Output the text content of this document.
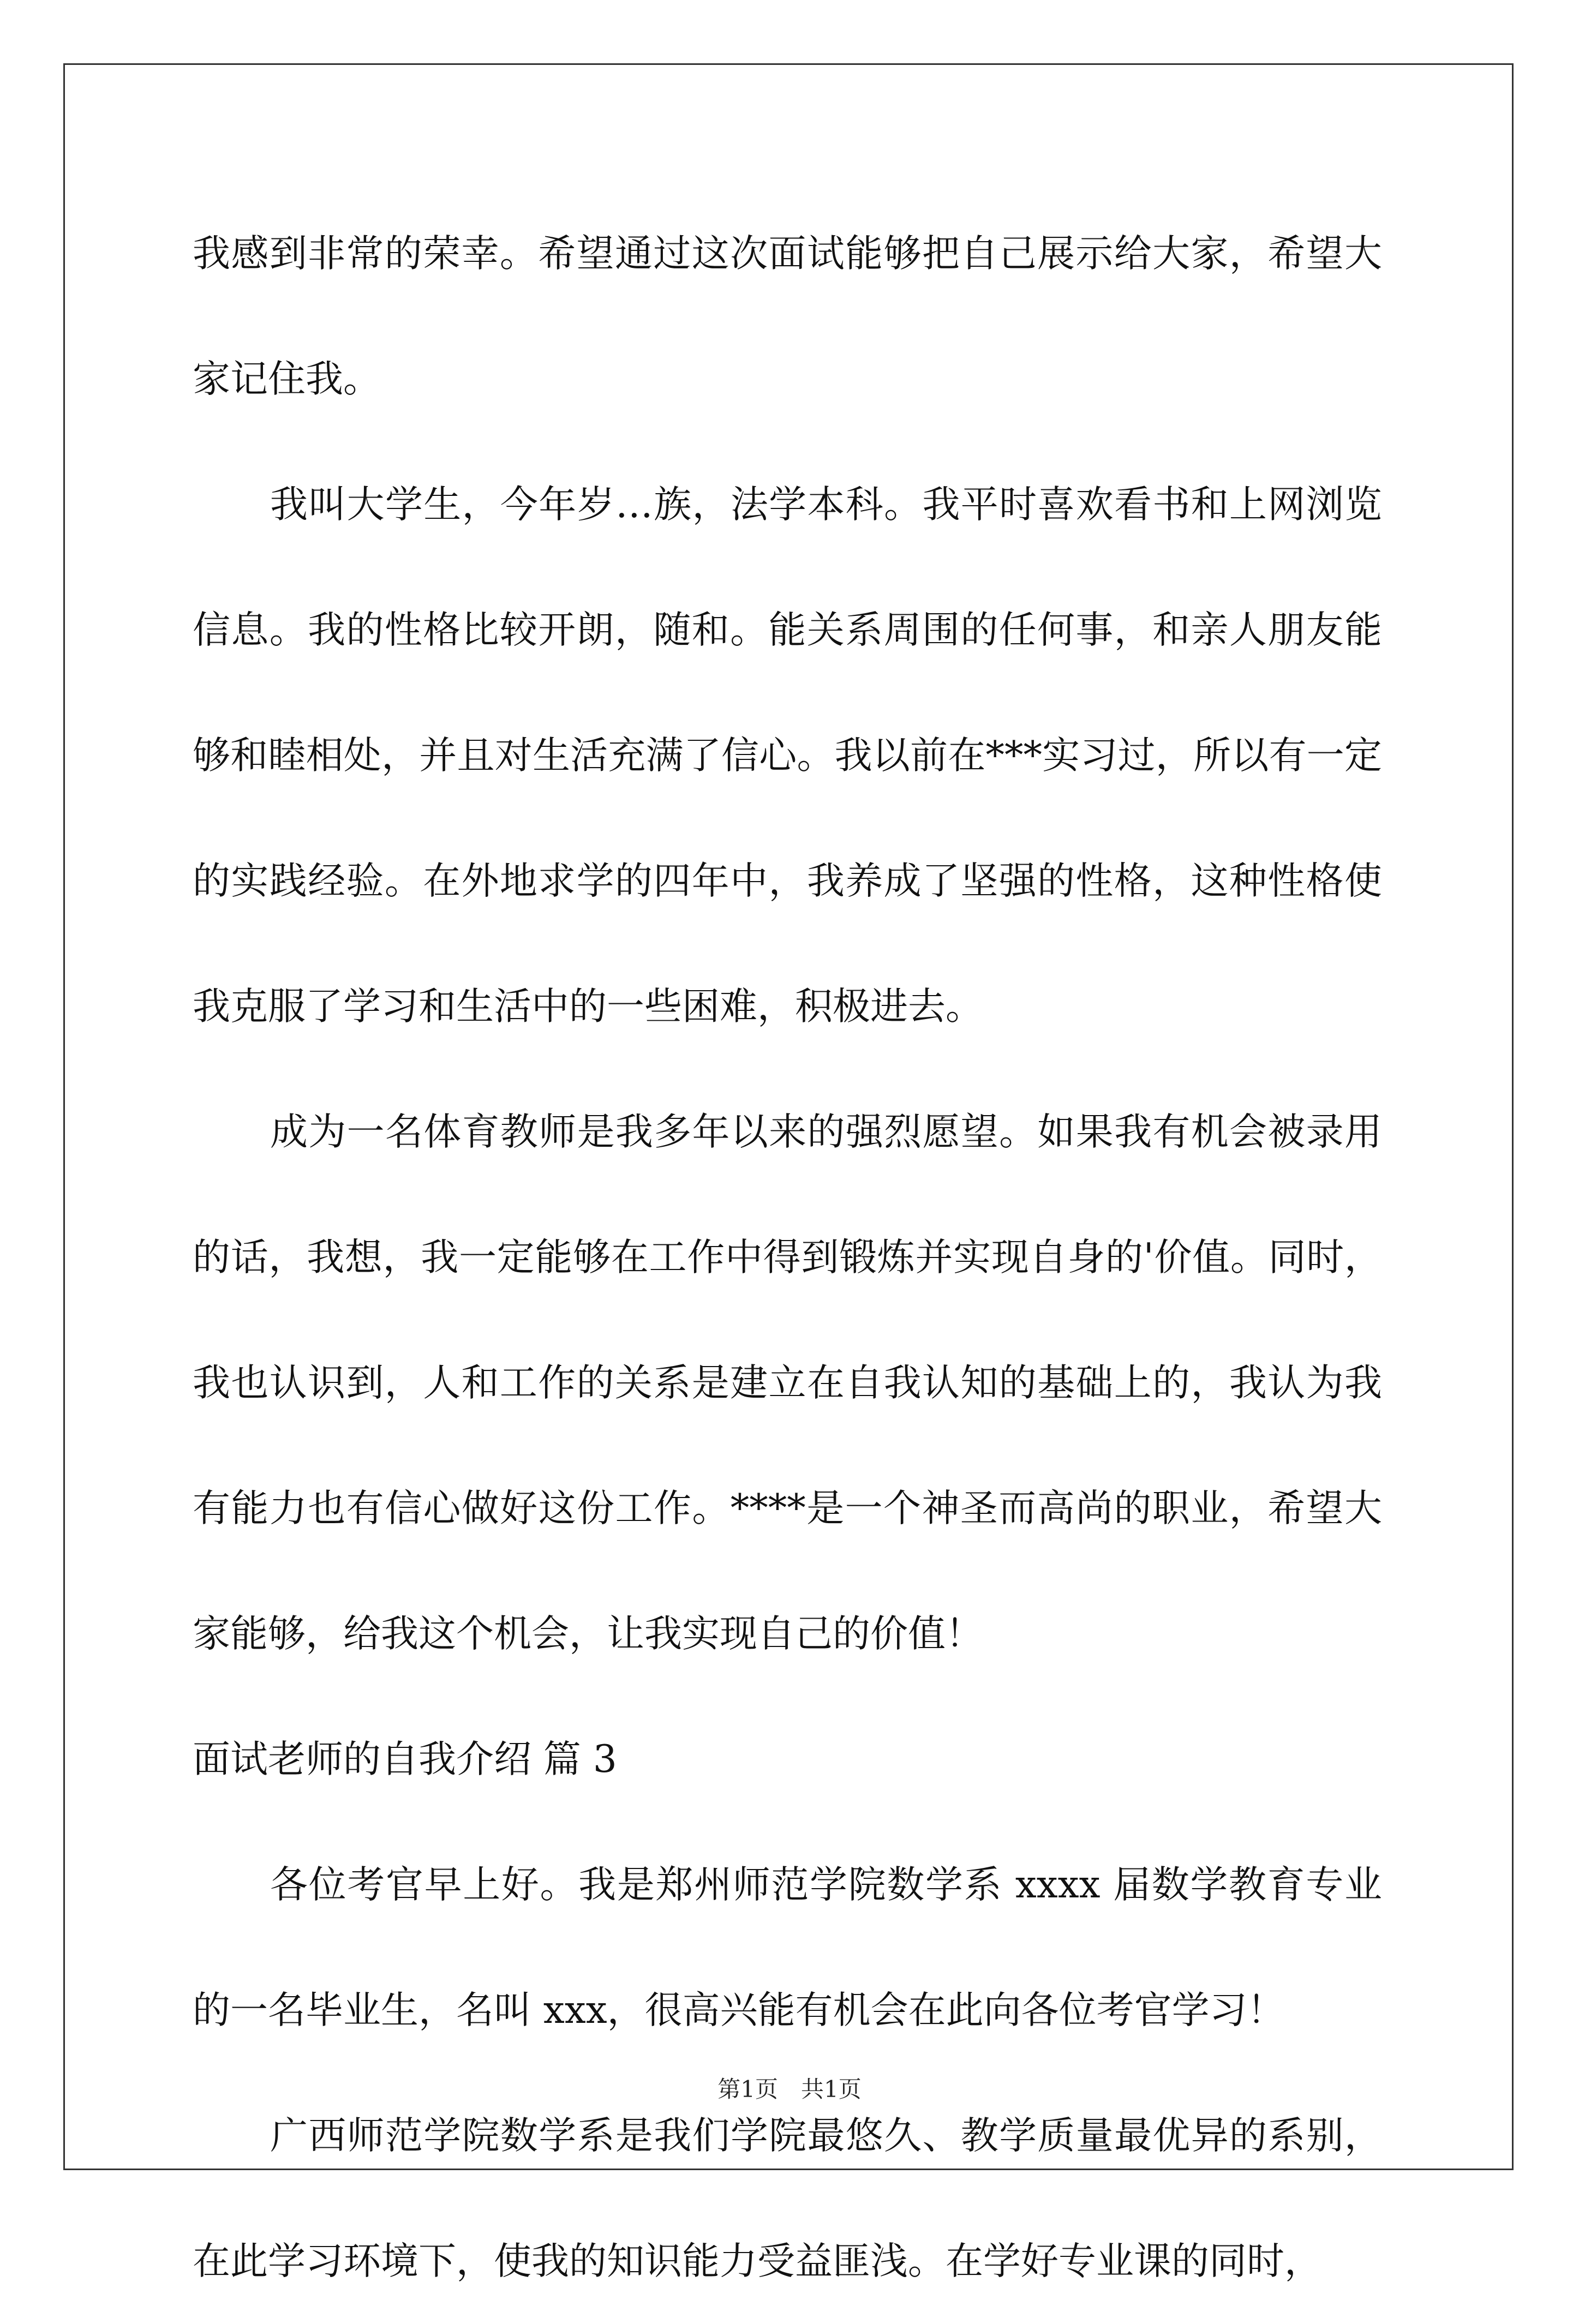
我感到非常的荣幸。希望通过这次面试能够把自己展示给大家，希望大家记住我。

我叫大学生，今年岁…族，法学本科。我平时喜欢看书和上网浏览信息。我的性格比较开朗，随和。能关系周围的任何事，和亲人朋友能够和睦相处，并且对生活充满了信心。我以前在***实习过，所以有一定的实践经验。在外地求学的四年中，我养成了坚强的性格，这种性格使我克服了学习和生活中的一些困难，积极进去。

成为一名体育教师是我多年以来的强烈愿望。如果我有机会被录用的话，我想，我一定能够在工作中得到锻炼并实现自身的'价值。同时，我也认识到，人和工作的关系是建立在自我认知的基础上的，我认为我有能力也有信心做好这份工作。****是一个神圣而高尚的职业，希望大家能够，给我这个机会，让我实现自己的价值！

面试老师的自我介绍 篇 3

各位考官早上好。我是郑州师范学院数学系 xxxx 届数学教育专业的一名毕业生，名叫 xxx，很高兴能有机会在此向各位考官学习！

广西师范学院数学系是我们学院最悠久、教学质量最优异的系别，在此学习环境下，使我的知识能力受益匪浅。在学好专业课的同时，

第1页　共1页
